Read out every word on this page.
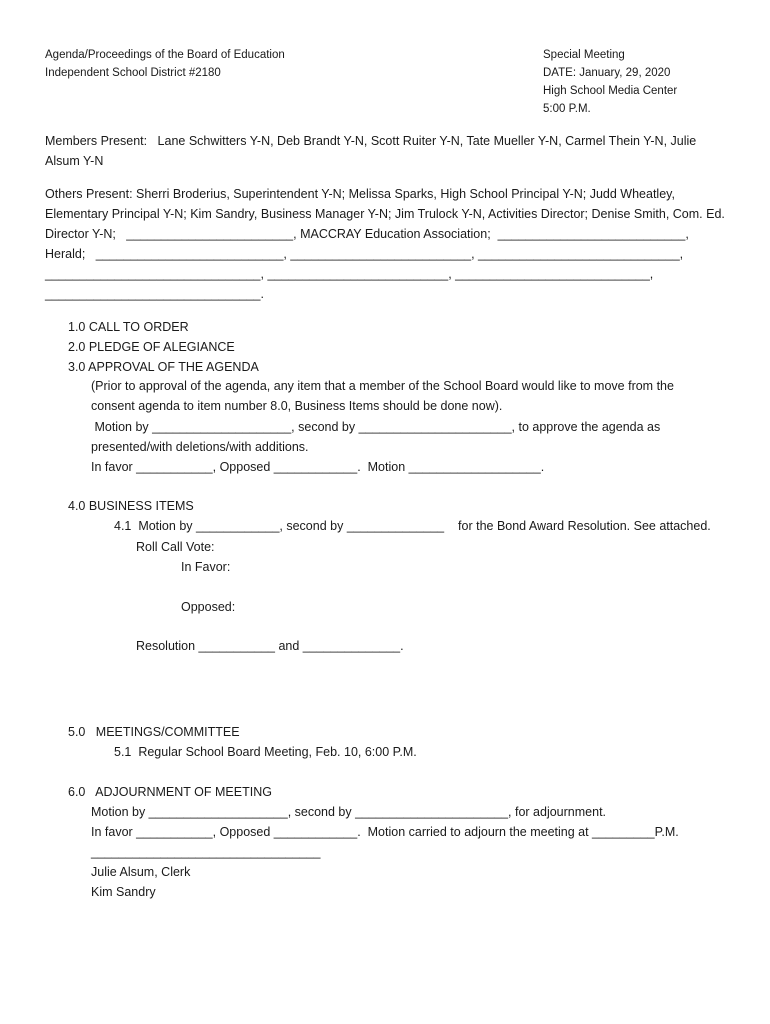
Agenda/Proceedings of the Board of Education
Independent School District #2180
Special Meeting
DATE: January, 29, 2020
High School Media Center
5:00 P.M.
Members Present:   Lane Schwitters Y-N, Deb Brandt Y-N, Scott Ruiter Y-N, Tate Mueller Y-N, Carmel Thein Y-N, Julie
Alsum Y-N
Others Present: Sherri Broderius, Superintendent Y-N; Melissa Sparks, High School Principal Y-N; Judd Wheatley,
Elementary Principal Y-N; Kim Sandry, Business Manager Y-N; Jim Trulock Y-N, Activities Director; Denise Smith, Com. Ed.
Director Y-N;   ________________________, MACCRAY Education Association;  ___________________________,
Herald;   ___________________________, __________________________, _____________________________,
_______________________________, __________________________, ____________________________,
_______________________________.
1.0 CALL TO ORDER
2.0 PLEDGE OF ALEGIANCE
3.0 APPROVAL OF THE AGENDA
(Prior to approval of the agenda, any item that a member of the School Board would like to move from the
consent agenda to item number 8.0, Business Items should be done now).
Motion by ____________________, second by ______________________, to approve the agenda as
presented/with deletions/with additions.
In favor ___________, Opposed ____________.  Motion ___________________.
4.0 BUSINESS ITEMS
4.1  Motion by ____________, second by ______________    for the Bond Award Resolution. See attached.
Roll Call Vote:
In Favor:
Opposed:
Resolution ___________ and ______________.
5.0   MEETINGS/COMMITTEE
5.1  Regular School Board Meeting, Feb. 10, 6:00 P.M.
6.0   ADJOURNMENT OF MEETING
Motion by ____________________, second by ______________________, for adjournment.
In favor ___________, Opposed ____________.  Motion carried to adjourn the meeting at _________P.M.
_________________________________
Julie Alsum, Clerk
Kim Sandry
